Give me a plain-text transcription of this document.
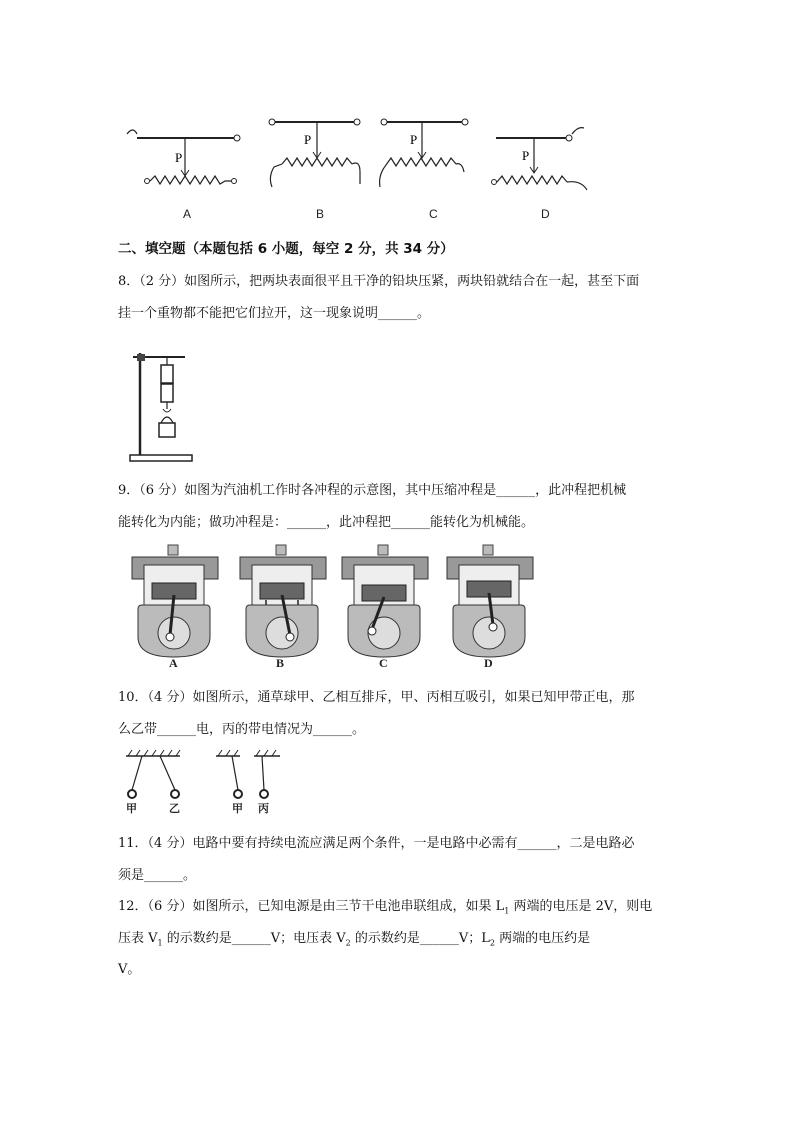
P
P	P
P
A	B	C	D
二、填空题（本题包括 6 小题，每空 2 分，共 34 分）
8．（2 分）如图所示，把两块表面很平且干净的铅块压紧，两块铅就结合在一起，甚至下面
挂一个重物都不能把它们拉开，这一现象说明______。
9．（6 分）如图为汽油机工作时各冲程的示意图，其中压缩冲程是______，此冲程把机械
能转化为内能；做功冲程是：______，此冲程把______能转化为机械能。
A	B	C	D
10．（4 分）如图所示，通草球甲、乙相互排斥，甲、丙相互吸引，如果已知甲带正电，那
么乙带______电，丙的带电情况为______。
甲	乙	甲 丙
11．（4 分）电路中要有持续电流应满足两个条件，一是电路中必需有______，二是电路必
须是______。
12．（6 分）如图所示，已知电源是由三节干电池串联组成，如果 $L_1$ 两端的电压是 2V，则电
压表 $V_1$ 的示数约是______V；电压表 $V_2$ 的示数约是______V；$L_2$ 两端的电压约是
V。
